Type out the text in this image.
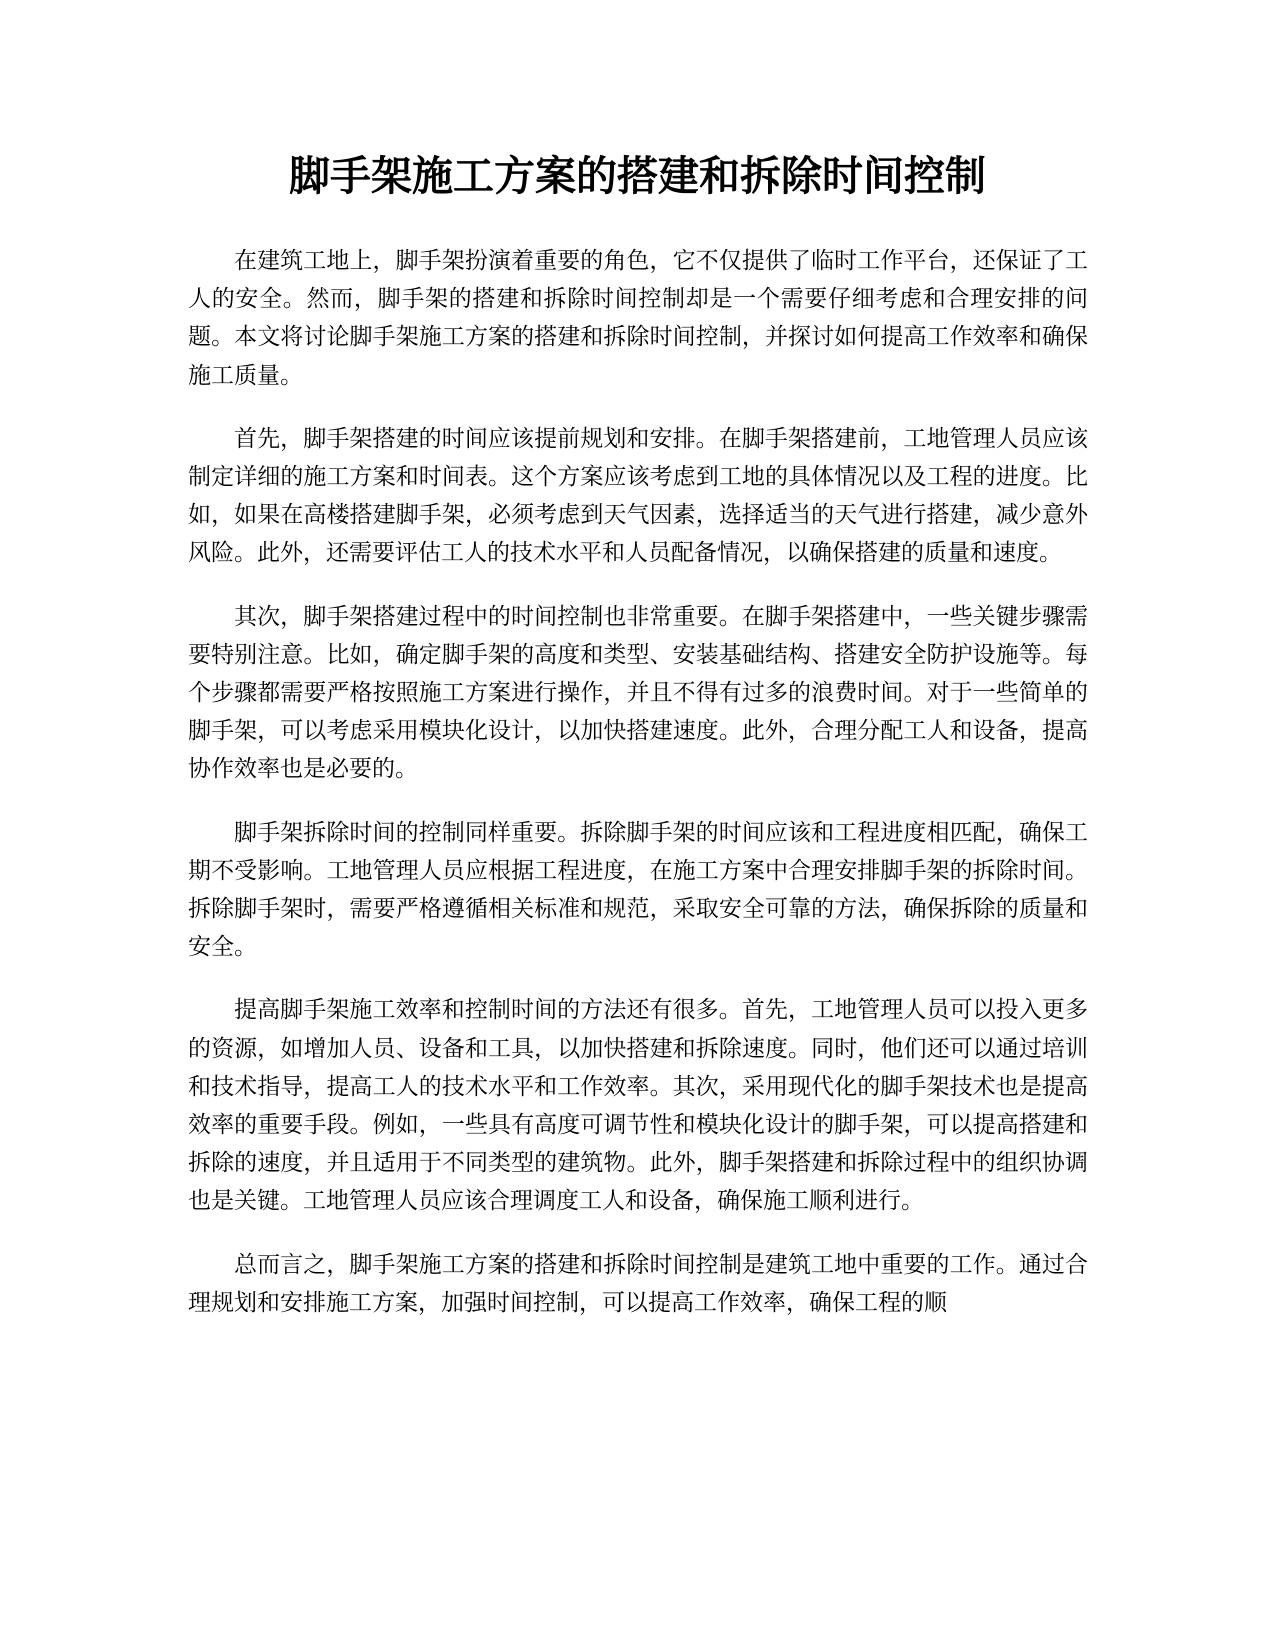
脚手架施工方案的搭建和拆除时间控制

在建筑工地上，脚手架扮演着重要的角色，它不仅提供了临时工作平台，还保证了工人的安全。然而，脚手架的搭建和拆除时间控制却是一个需要仔细考虑和合理安排的问题。本文将讨论脚手架施工方案的搭建和拆除时间控制，并探讨如何提高工作效率和确保施工质量。

首先，脚手架搭建的时间应该提前规划和安排。在脚手架搭建前，工地管理人员应该制定详细的施工方案和时间表。这个方案应该考虑到工地的具体情况以及工程的进度。比如，如果在高楼搭建脚手架，必须考虑到天气因素，选择适当的天气进行搭建，减少意外风险。此外，还需要评估工人的技术水平和人员配备情况，以确保搭建的质量和速度。

其次，脚手架搭建过程中的时间控制也非常重要。在脚手架搭建中，一些关键步骤需要特别注意。比如，确定脚手架的高度和类型、安装基础结构、搭建安全防护设施等。每个步骤都需要严格按照施工方案进行操作，并且不得有过多的浪费时间。对于一些简单的脚手架，可以考虑采用模块化设计，以加快搭建速度。此外，合理分配工人和设备，提高协作效率也是必要的。

脚手架拆除时间的控制同样重要。拆除脚手架的时间应该和工程进度相匹配，确保工期不受影响。工地管理人员应根据工程进度，在施工方案中合理安排脚手架的拆除时间。拆除脚手架时，需要严格遵循相关标准和规范，采取安全可靠的方法，确保拆除的质量和安全。

提高脚手架施工效率和控制时间的方法还有很多。首先，工地管理人员可以投入更多的资源，如增加人员、设备和工具，以加快搭建和拆除速度。同时，他们还可以通过培训和技术指导，提高工人的技术水平和工作效率。其次，采用现代化的脚手架技术也是提高效率的重要手段。例如，一些具有高度可调节性和模块化设计的脚手架，可以提高搭建和拆除的速度，并且适用于不同类型的建筑物。此外，脚手架搭建和拆除过程中的组织协调也是关键。工地管理人员应该合理调度工人和设备，确保施工顺利进行。

总而言之，脚手架施工方案的搭建和拆除时间控制是建筑工地中重要的工作。通过合理规划和安排施工方案，加强时间控制，可以提高工作效率，确保工程的顺
